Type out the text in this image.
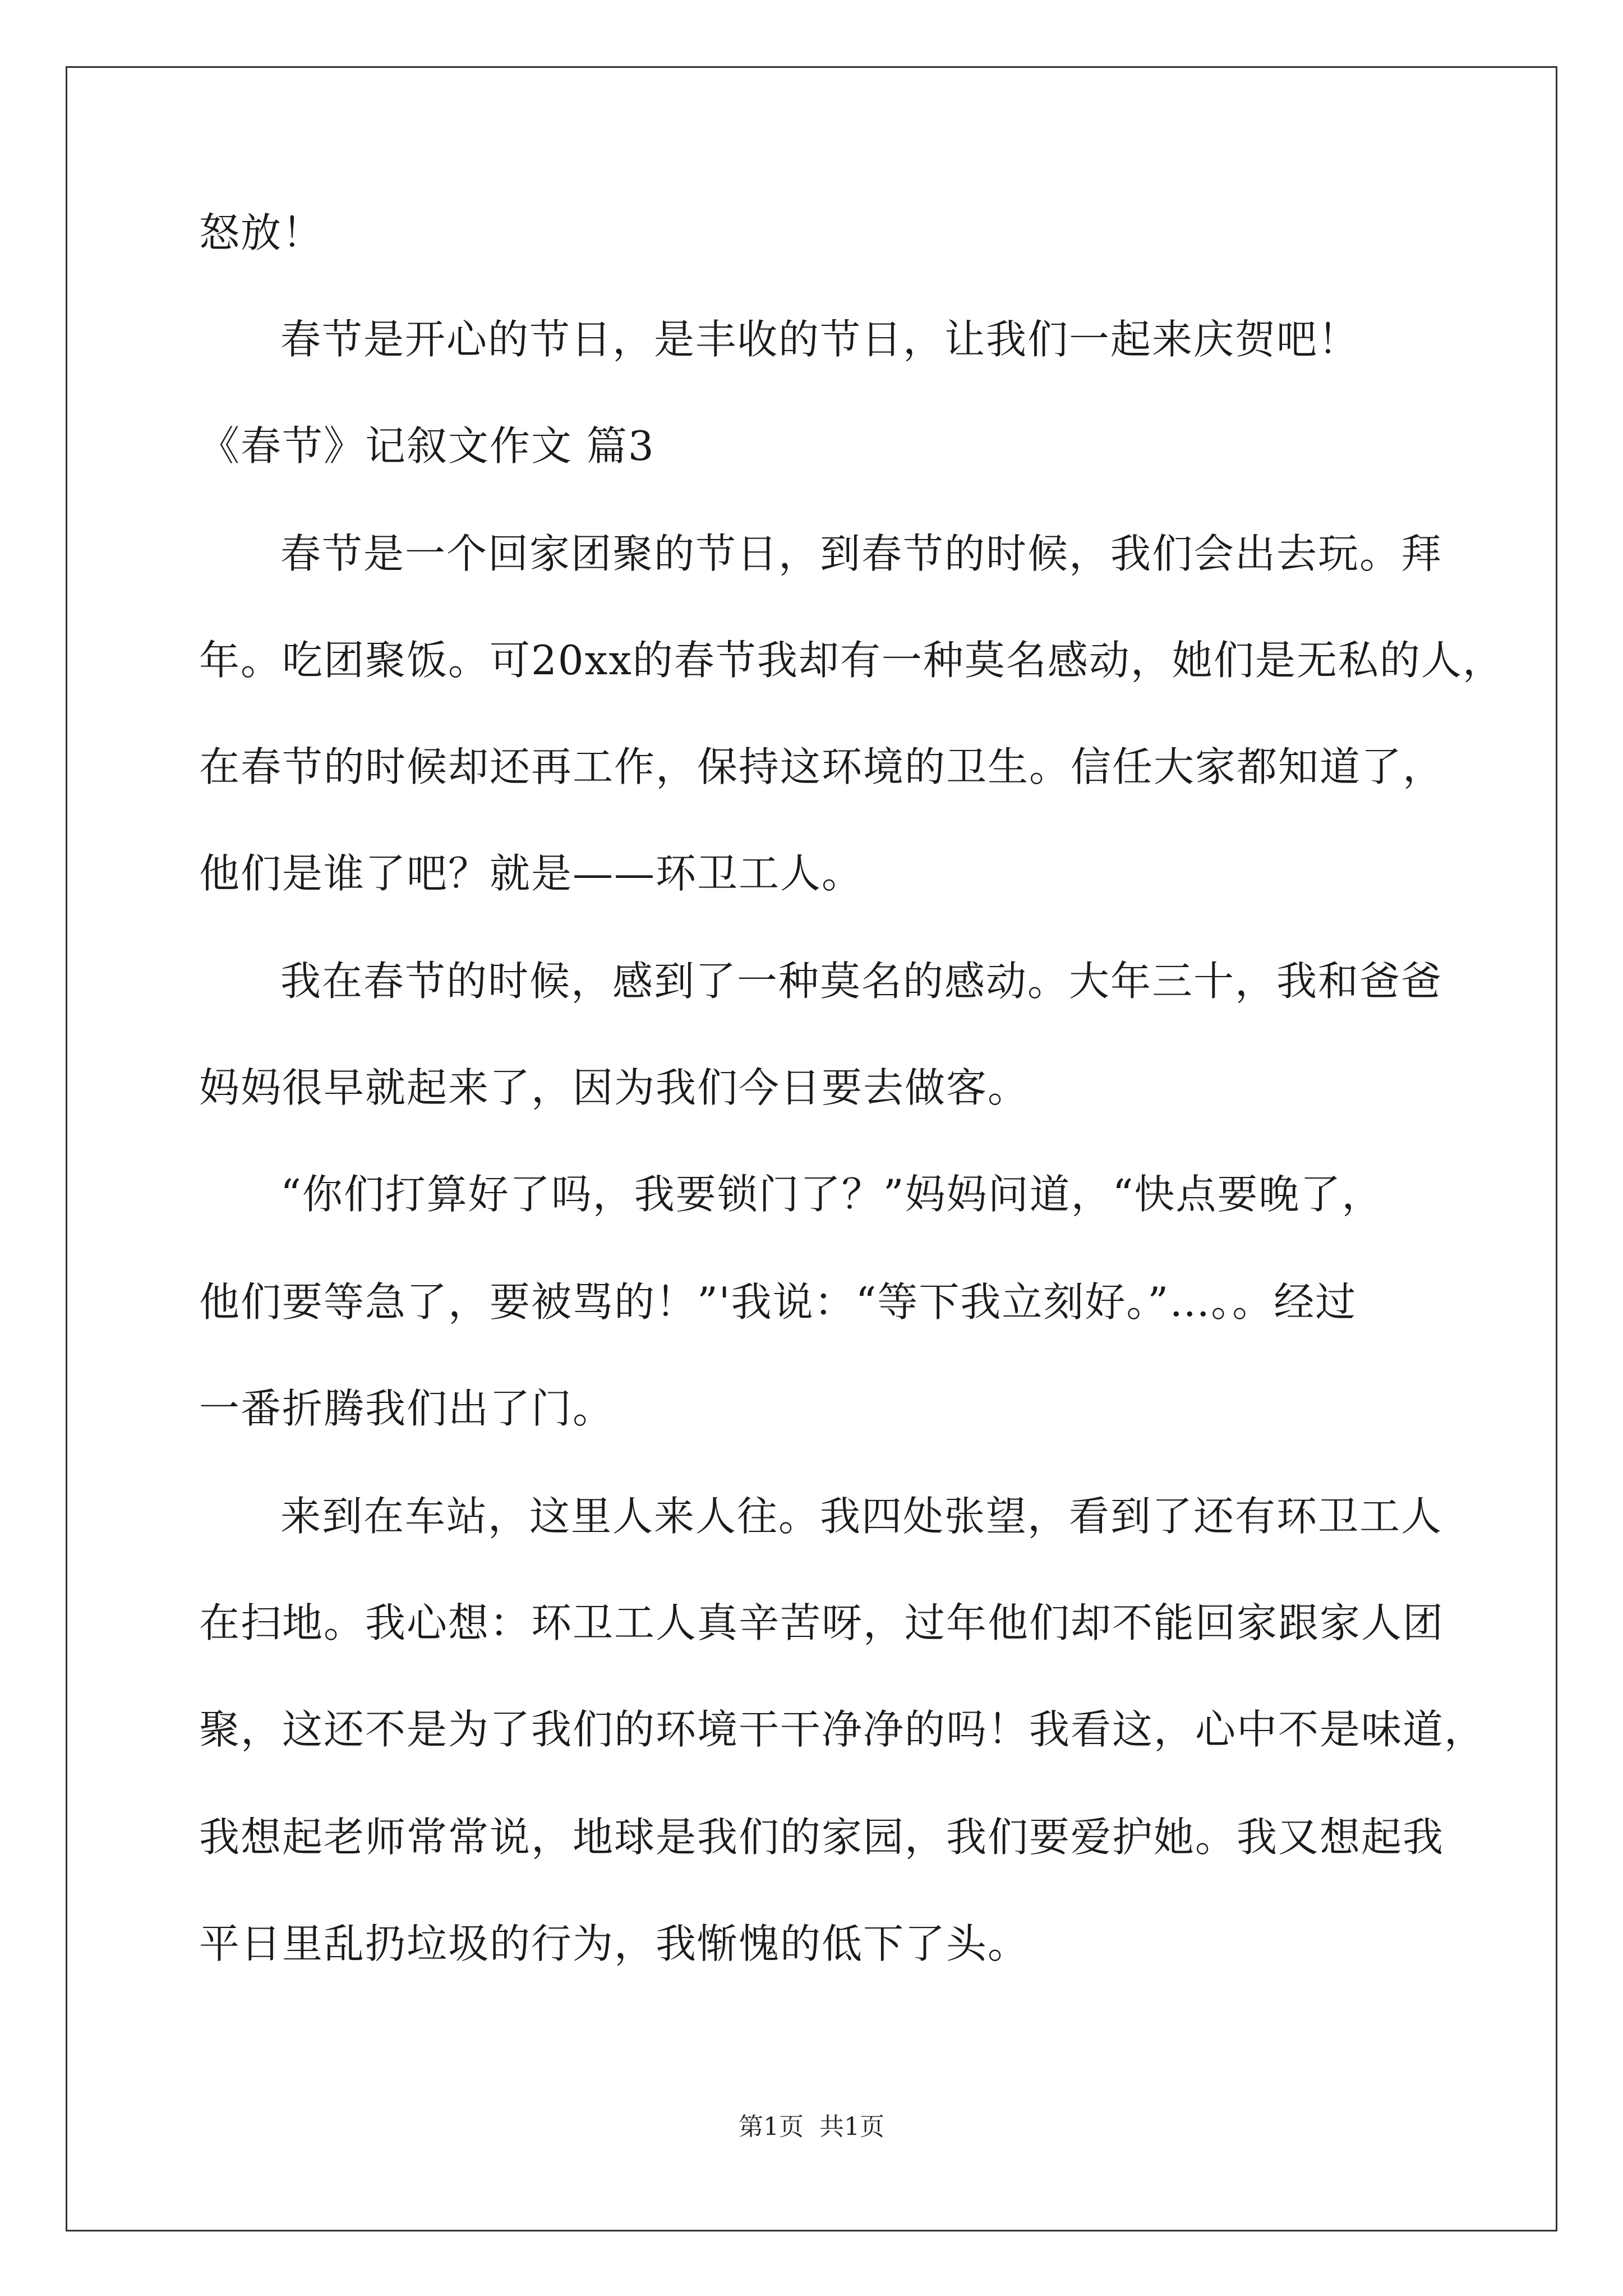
怒放！
春节是开心的节日，是丰收的节日，让我们一起来庆贺吧！
《春节》记叙文作文 篇3
春节是一个回家团聚的节日，到春节的时候，我们会出去玩。拜
年。吃团聚饭。可20xx的春节我却有一种莫名感动，她们是无私的人，
在春节的时候却还再工作，保持这环境的卫生。信任大家都知道了，
他们是谁了吧？就是——环卫工人。
我在春节的时候，感到了一种莫名的感动。大年三十，我和爸爸
妈妈很早就起来了，因为我们今日要去做客。
“你们打算好了吗，我要锁门了？”妈妈问道，“快点要晚了，
他们要等急了，要被骂的！”'我说：“等下我立刻好。”…。。经过
一番折腾我们出了门。
来到在车站，这里人来人往。我四处张望，看到了还有环卫工人
在扫地。我心想：环卫工人真辛苦呀，过年他们却不能回家跟家人团
聚，这还不是为了我们的环境干干净净的吗！我看这，心中不是味道，
我想起老师常常说，地球是我们的家园，我们要爱护她。我又想起我
平日里乱扔垃圾的行为，我惭愧的低下了头。
第1页 共1页
